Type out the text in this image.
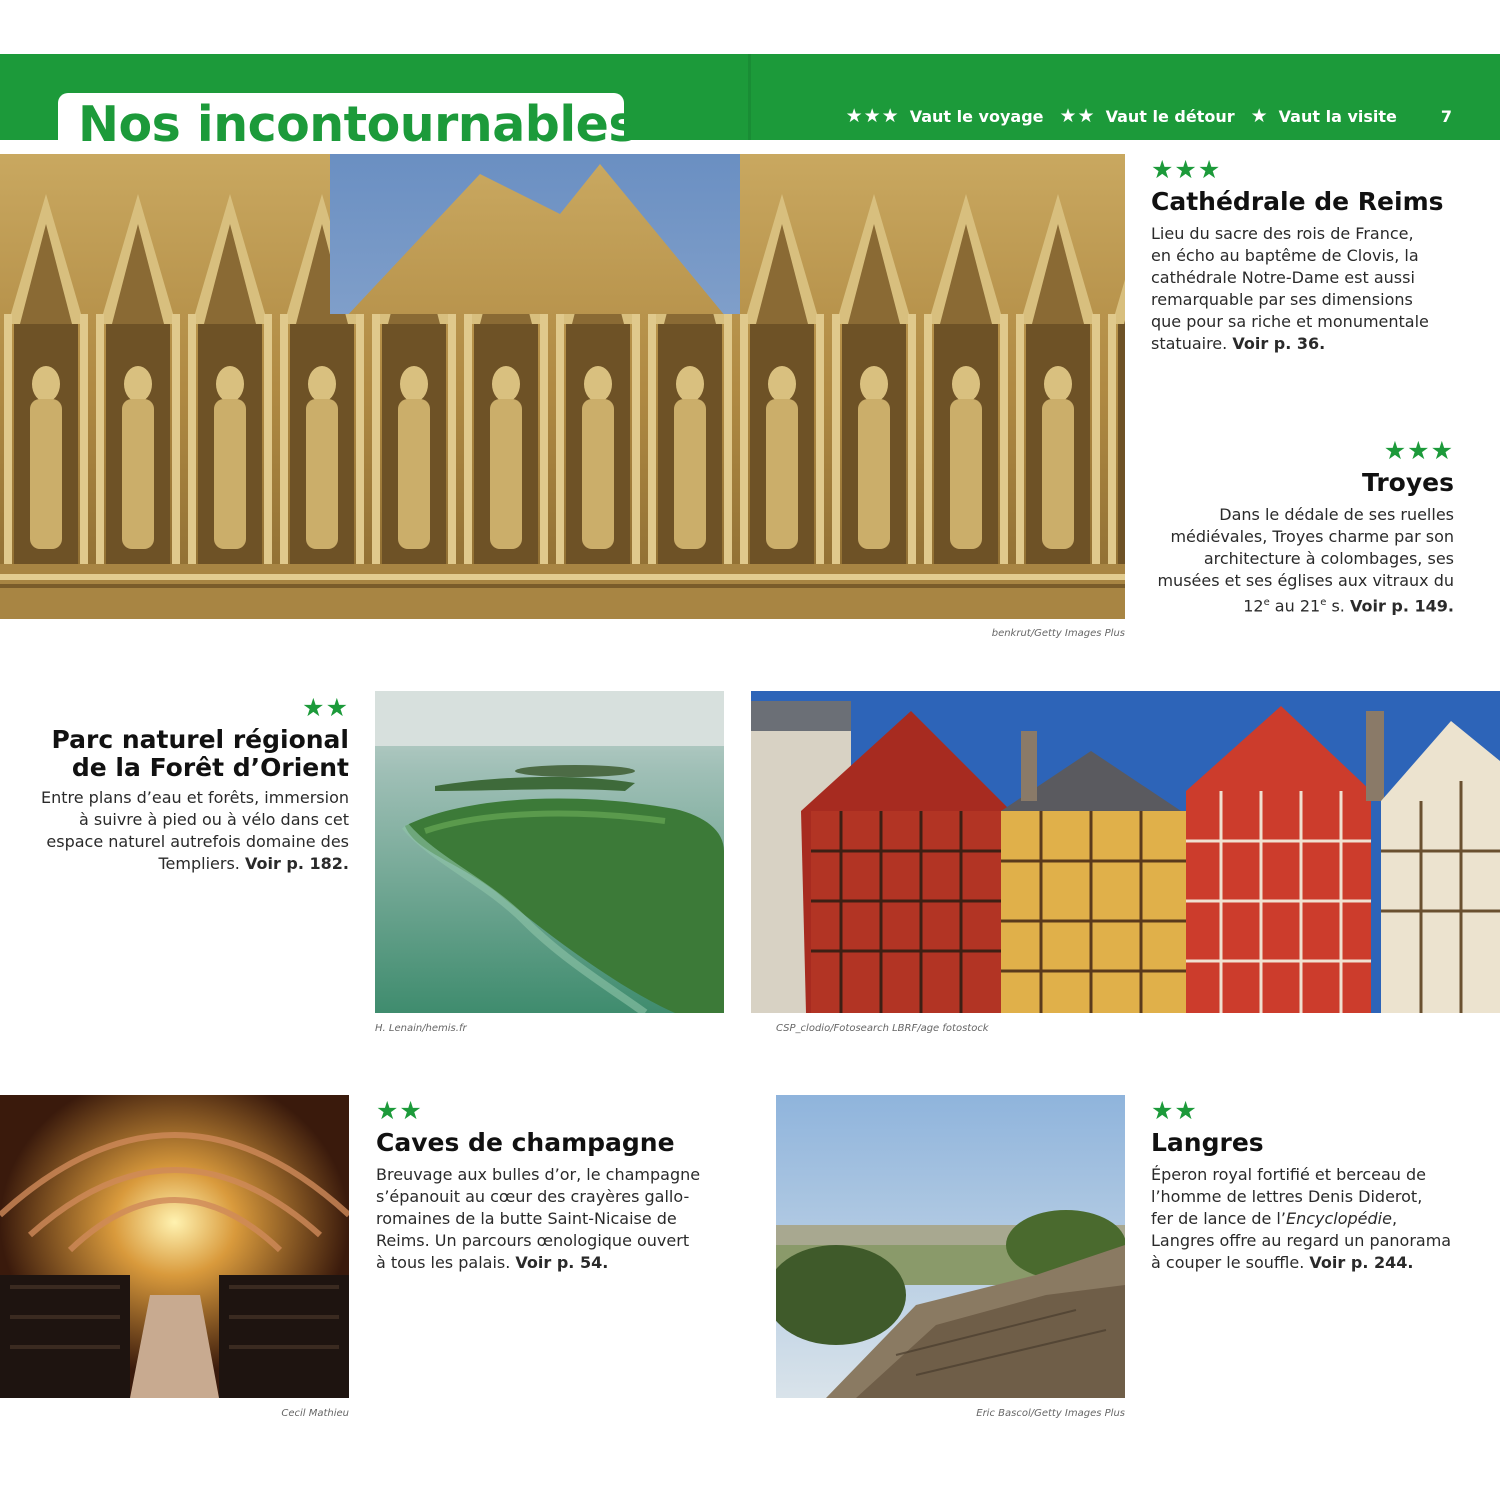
Nos incontournables	★★★ Vaut le voyage ★★ Vaut le détour ★ Vaut la visite	7
benkrut/Getty Images Plus
★★★
Cathédrale de Reims

Lieu du sacre des rois de France,
en écho au baptême de Clovis, la
cathédrale Notre-Dame est aussi
remarquable par ses dimensions
que pour sa riche et monumentale
statuaire. Voir p. 36.

★★★
Troyes

Dans le dédale de ses ruelles
médiévales, Troyes charme par son
architecture à colombages, ses
musées et ses églises aux vitraux du
12e au 21e s. Voir p. 149.

★★
Parc naturel régional
de la Forêt d’Orient

Entre plans d’eau et forêts, immersion
à suivre à pied ou à vélo dans cet
espace naturel autrefois domaine des
Templiers. Voir p. 182.

H. Lenain/hemis.fr	CSP_clodio/Fotosearch LBRF/age fotostock
Cecil Mathieu
★★
Caves de champagne

Breuvage aux bulles d’or, le champagne
s’épanouit au cœur des crayères gallo-
romaines de la butte Saint-Nicaise de
Reims. Un parcours œnologique ouvert
à tous les palais. Voir p. 54.

Eric Bascol/Getty Images Plus
★★
Langres

Éperon royal fortifié et berceau de
l’homme de lettres Denis Diderot,
fer de lance de l’Encyclopédie,
Langres offre au regard un panorama
à couper le souffle. Voir p. 244.
